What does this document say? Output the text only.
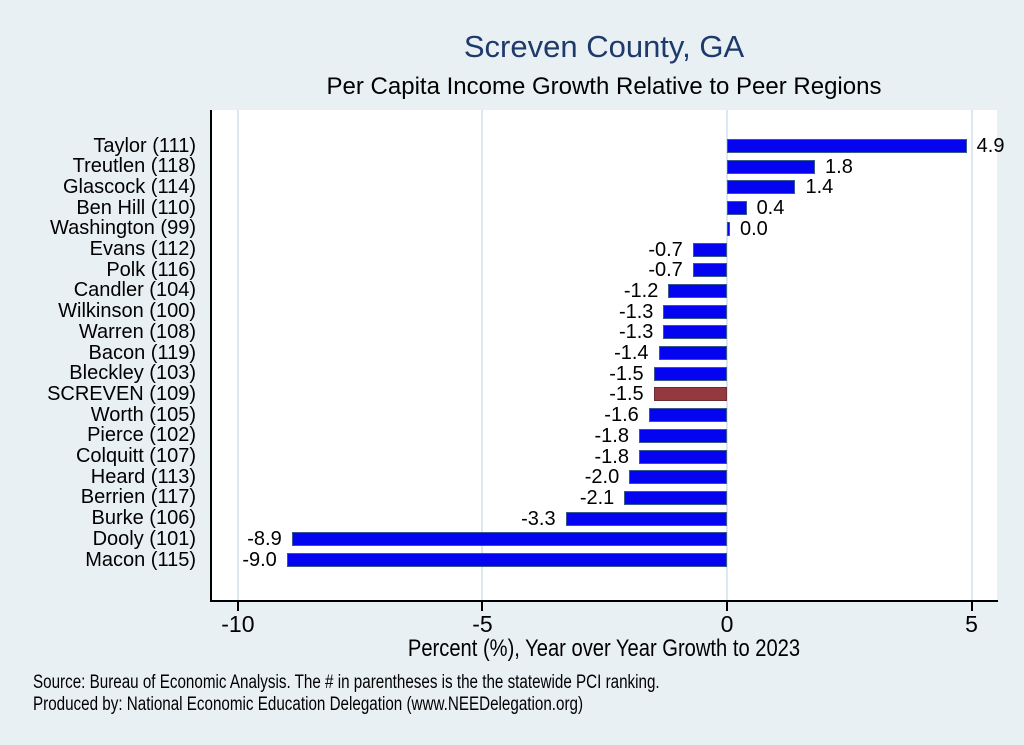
Screven County, GA
Per Capita Income Growth Relative to Peer Regions
4.9
1.8
1.4
0.4
0.0
-0.7
-0.7
-1.2
-1.3
-1.3
-1.4
-1.5
-1.5
-1.6
-1.8
-1.8
-2.0
-2.1
-3.3
-8.9
-9.0
Taylor (111)
Treutlen (118)
Glascock (114)
Ben Hill (110)
Washington (99)
Evans (112)
Polk (116)
Candler (104)
Wilkinson (100)
Warren (108)
Bacon (119)
Bleckley (103)
SCREVEN (109)
Worth (105)
Pierce (102)
Colquitt (107)
Heard (113)
Berrien (117)
Burke (106)
Dooly (101)
Macon (115)
-10	-5	0	5
Percent (%), Year over Year Growth to 2023
Source: Bureau of Economic Analysis. The # in parentheses is the the statewide PCI ranking.
Produced by: National Economic Education Delegation (www.NEEDelegation.org)
